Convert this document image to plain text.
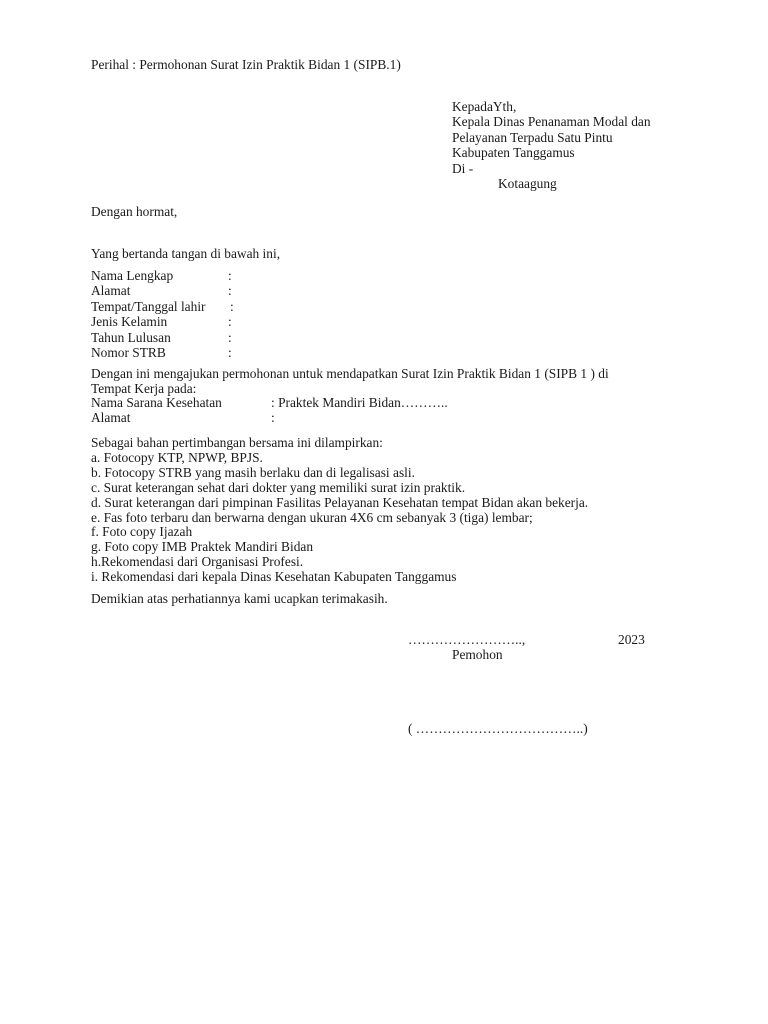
Perihal : Permohonan Surat Izin Praktik Bidan 1 (SIPB.1)
KepadaYth,
Kepala Dinas Penanaman Modal dan
Pelayanan Terpadu Satu Pintu
Kabupaten Tanggamus
Di -
Kotaagung
Dengan hormat,
Yang bertanda tangan di bawah ini,
Nama Lengkap	:
Alamat	:
Tempat/Tanggal lahir :
Jenis Kelamin	:
Tahun Lulusan	:
Nomor STRB	:
Dengan ini mengajukan permohonan untuk mendapatkan Surat Izin Praktik Bidan 1 (SIPB 1 ) di
Tempat Kerja pada:
Nama Sarana Kesehatan	: Praktek Mandiri Bidan………..
Alamat	:
Sebagai bahan pertimbangan bersama ini dilampirkan:
a. Fotocopy KTP, NPWP, BPJS.
b. Fotocopy STRB yang masih berlaku dan di legalisasi asli.
c. Surat keterangan sehat dari dokter yang memiliki surat izin praktik.
d. Surat keterangan dari pimpinan Fasilitas Pelayanan Kesehatan tempat Bidan akan bekerja.
e. Fas foto terbaru dan berwarna dengan ukuran 4X6 cm sebanyak 3 (tiga) lembar;
f. Foto copy Ijazah
g. Foto copy IMB Praktek Mandiri Bidan
h.Rekomendasi dari Organisasi Profesi.
i. Rekomendasi dari kepala Dinas Kesehatan Kabupaten Tanggamus
Demikian atas perhatiannya kami ucapkan terimakasih.
……………………..,	2023
Pemohon
( ………………………………..)
